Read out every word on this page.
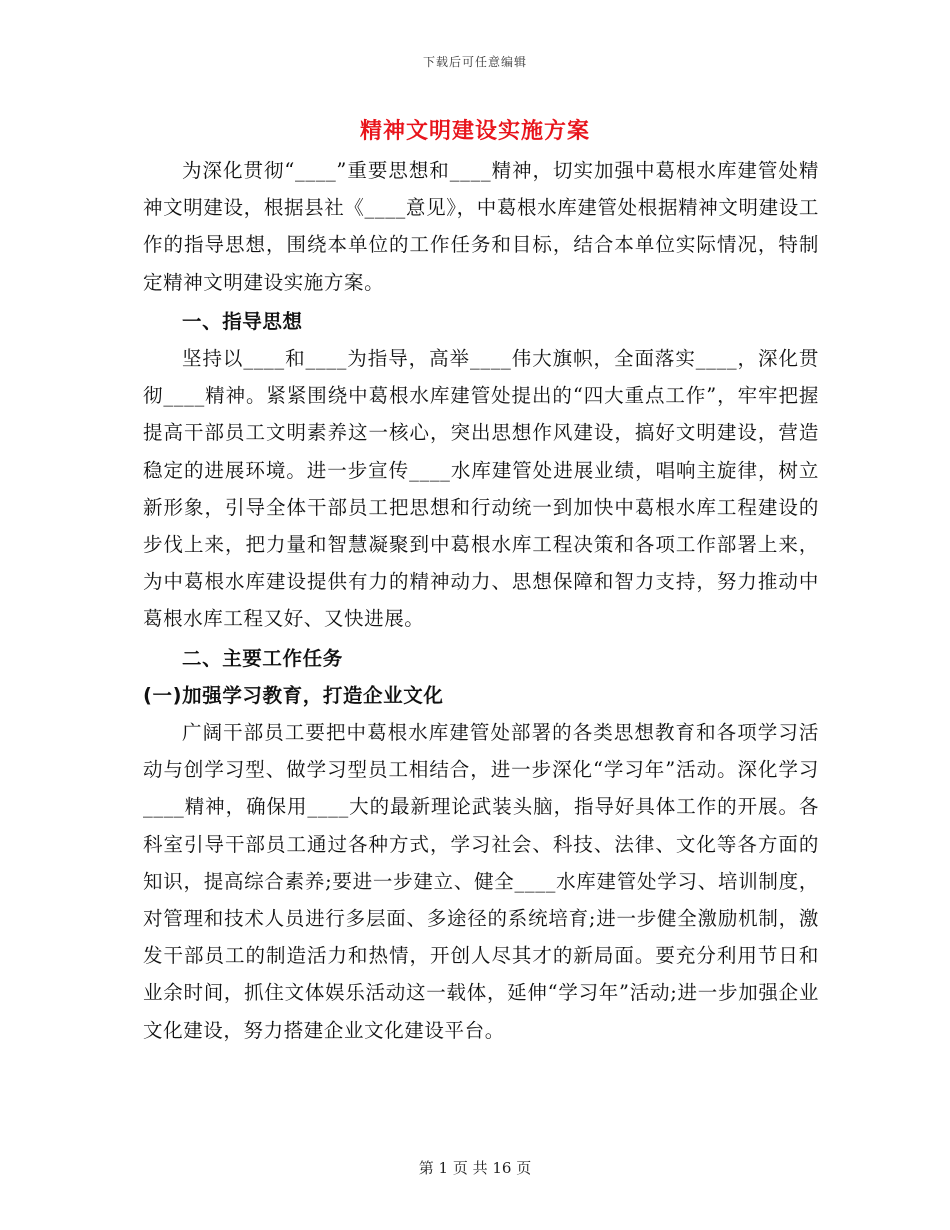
下载后可任意编辑
精神文明建设实施方案

为深化贯彻“____”重要思想和____精神，切实加强中葛根水库建管处精神文明建设，根据县社《____意见》，中葛根水库建管处根据精神文明建设工作的指导思想，围绕本单位的工作任务和目标，结合本单位实际情况，特制定精神文明建设实施方案。

一、指导思想

坚持以____和____为指导，高举____伟大旗帜，全面落实____，深化贯彻____精神。紧紧围绕中葛根水库建管处提出的“四大重点工作”，牢牢把握提高干部员工文明素养这一核心，突出思想作风建设，搞好文明建设，营造稳定的进展环境。进一步宣传____水库建管处进展业绩，唱响主旋律，树立新形象，引导全体干部员工把思想和行动统一到加快中葛根水库工程建设的步伐上来，把力量和智慧凝聚到中葛根水库工程决策和各项工作部署上来，为中葛根水库建设提供有力的精神动力、思想保障和智力支持，努力推动中葛根水库工程又好、又快进展。

二、主要工作任务

(一)加强学习教育，打造企业文化

广阔干部员工要把中葛根水库建管处部署的各类思想教育和各项学习活动与创学习型、做学习型员工相结合，进一步深化“学习年”活动。深化学习____精神，确保用____大的最新理论武装头脑，指导好具体工作的开展。各科室引导干部员工通过各种方式，学习社会、科技、法律、文化等各方面的知识，提高综合素养;要进一步建立、健全____水库建管处学习、培训制度，对管理和技术人员进行多层面、多途径的系统培育;进一步健全激励机制，激发干部员工的制造活力和热情，开创人尽其才的新局面。要充分利用节日和业余时间，抓住文体娱乐活动这一载体，延伸“学习年”活动;进一步加强企业文化建设，努力搭建企业文化建设平台。

第 1 页 共 16 页
